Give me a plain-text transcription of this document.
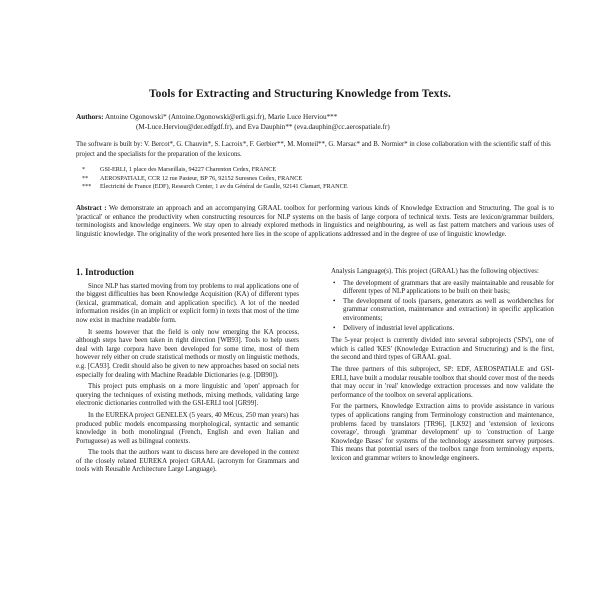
Tools for Extracting and Structuring Knowledge from Texts.
Authors: Antoine Ogonowski* (Antoine.Ogonowski@erli.gsi.fr), Marie Luce Herviou***
(M-Luce.Herviou@der.edfgdf.fr), and Eva Dauphin** (eva.dauphin@cc.aerospatiale.fr)
The software is built by: V. Bercot*, G. Chauvin*, S. Lacroix*, F. Gerbier**, M. Monteil**, G. Marsac* and B. Normier* in close collaboration with the scientific staff of this project and the specialists for the preparation of the lexicons.
*	GSI-ERLI, 1 place des Marseillais, 94227 Charenton Cedex, FRANCE
**	AEROSPATIALE, CCR 12 rue Pasteur, BP 76, 92152 Suresnes Cedex, FRANCE
***	Electricité de France (EDF), Research Center, 1 av du Général de Gaulle, 92141 Clamart, FRANCE
Abstract : We demonstrate an approach and an accompanying GRAAL toolbox for performing various kinds of Knowledge Extraction and Structuring. The goal is to 'practical' or enhance the productivity when constructing resources for NLP systems on the basis of large corpora of technical texts. Tests are lexicon/grammar builders, terminologists and knowledge engineers. We stay open to already explored methods in linguistics and neighbouring, as well as fast pattern matchers and various uses of linguistic knowledge. The originality of the work presented here lies in the scope of applications addressed and in the degree of use of linguistic knowledge.
1. Introduction

Since NLP has started moving from toy problems to real applications one of the biggest difficulties has been Knowledge Acquisition (KA) of different types (lexical, grammatical, domain and application specific). A lot of the needed information resides (in an implicit or explicit form) in texts that most of the time now exist in machine readable form.

It seems however that the field is only now emerging the KA process, although steps have been taken in right direction [WB93]. Tools to help users deal with large corpora have been developed for some time, most of them however rely either on crude statistical methods or mostly on linguistic methods, e.g. [CA93]. Credit should also be given to new approaches based on social nets especially for dealing with Machine Readable Dictionaries (e.g. [DB90]).

This project puts emphasis on a more linguistic and 'open' approach for querying the techniques of existing methods, mixing methods, validating large electronic dictionaries controlled with the GSI-ERLI tool [GR99].

In the EUREKA project GENELEX (5 years, 40 M€cus, 250 man years) has produced public models encompassing morphological, syntactic and semantic knowledge in both monolingual (French, English and even Italian and Portuguese) as well as bilingual contexts.

The tools that the authors want to discuss here are developed in the context of the closely related EUREKA project GRAAL (acronym for Grammars and tools with Reusable Architecture Large Language).

Analysis Language(s). This project (GRAAL) has the following objectives:

• The development of grammars that are easily maintainable and reusable for different types of NLP applications to be built on their basis;
• The development of tools (parsers, generators as well as workbenches for grammar construction, maintenance and extraction) in specific application environments;
• Delivery of industrial level applications.

The 5-year project is currently divided into several subprojects ('SPs'), one of which is called 'KES' (Knowledge Extraction and Structuring) and is the first, the second and third types of GRAAL goal.

The three partners of this subproject, SP: EDF, AEROSPATIALE and GSI-ERLI, have built a modular reusable toolbox that should cover most of the needs that may occur in 'real' knowledge extraction processes and now validate the performance of the toolbox on several applications.

For the partners, Knowledge Extraction aims to provide assistance in various types of applications ranging from Terminology construction and maintenance, problems faced by translators [TR96], [LK92] and 'extension of lexicons coverage', through 'grammar development' up to 'construction of Large Knowledge Bases' for systems of the technology assessment survey purposes. This means that potential users of the toolbox range from terminology experts, lexicon and grammar writers to knowledge engineers.
